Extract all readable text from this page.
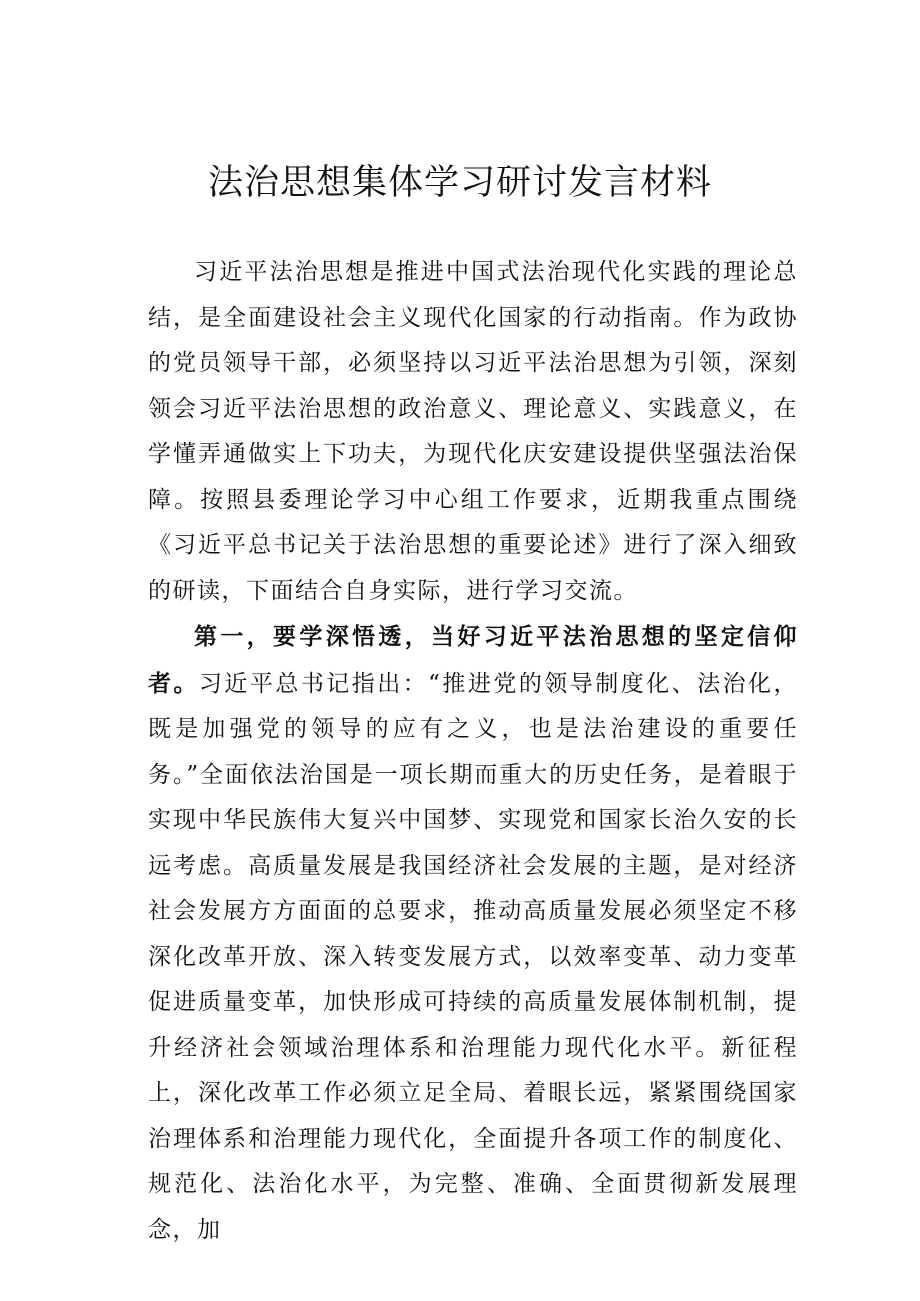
法治思想集体学习研讨发言材料

习近平法治思想是推进中国式法治现代化实践的理论总结，是全面建设社会主义现代化国家的行动指南。作为政协的党员领导干部，必须坚持以习近平法治思想为引领，深刻领会习近平法治思想的政治意义、理论意义、实践意义，在学懂弄通做实上下功夫，为现代化庆安建设提供坚强法治保障。按照县委理论学习中心组工作要求，近期我重点围绕《习近平总书记关于法治思想的重要论述》进行了深入细致的研读，下面结合自身实际，进行学习交流。

第一，要学深悟透，当好习近平法治思想的坚定信仰者。习近平总书记指出：“推进党的领导制度化、法治化，既是加强党的领导的应有之义，也是法治建设的重要任务。”全面依法治国是一项长期而重大的历史任务，是着眼于实现中华民族伟大复兴中国梦、实现党和国家长治久安的长远考虑。高质量发展是我国经济社会发展的主题，是对经济社会发展方方面面的总要求，推动高质量发展必须坚定不移深化改革开放、深入转变发展方式，以效率变革、动力变革促进质量变革，加快形成可持续的高质量发展体制机制，提升经济社会领域治理体系和治理能力现代化水平。新征程上，深化改革工作必须立足全局、着眼长远，紧紧围绕国家治理体系和治理能力现代化，全面提升各项工作的制度化、规范化、法治化水平，为完整、准确、全面贯彻新发展理念，加
